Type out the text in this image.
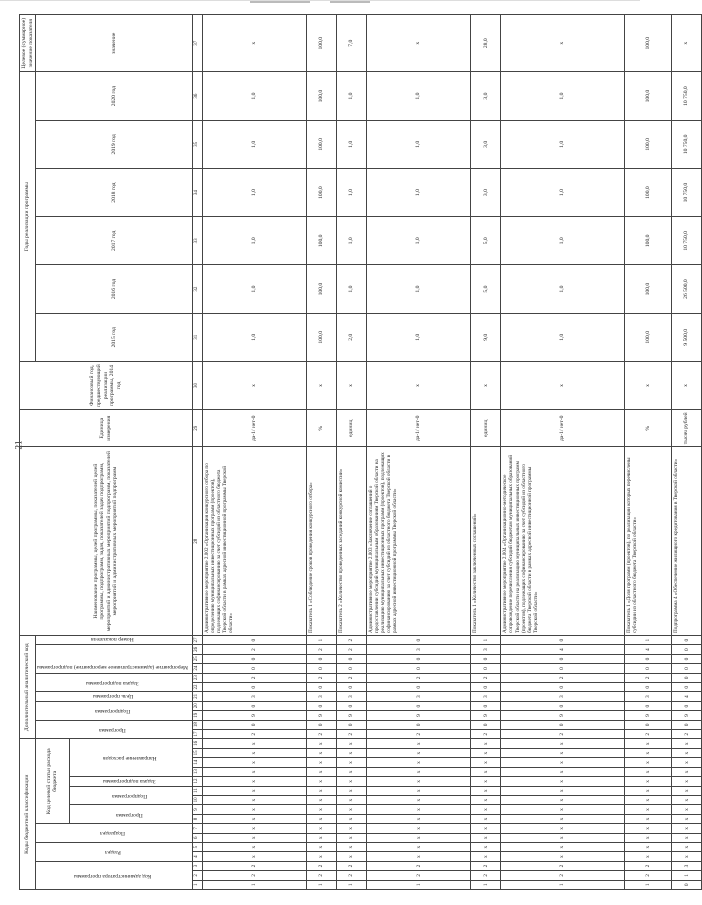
21
Коды бюджетной классификации																Дополнительный аналитический код											Наименование программы, целей программы, показателей целей программы, подпрограмм, задач, показателей задач подпрограмм, мероприятий и административных мероприятий подпрограмм, показателей мероприятий и административных мероприятий подпрограмм	Единица измерения	Финансовый год, предшествующий реализации программы, 2014 год	Годы реализации программы						Целевое (суммарное) значение показателя
Код администратора программы			Раздел		Подраздел		Код целевой статьи расхода бюджета									Программа		Подпрограмма		Цель программы	Задача подпрограммы		Мероприятие (административное мероприятие) подпрограммы			Номер показателя				2015 год	2016 год	2017 год	2018 год	2019 год	2020 год	значение
							Программа		Подпрограмма		Задача подпрограммы	Направление расходов																								
1	2	3	4	5	6	7	8	9	10	11	12	13	14	15	16	17	18	19	20	21	22	23	24	25	26	27	28	29	30	31	32	33	34	35	36	37
1	2	2	x	x	x	x	x	x	x	x	x	x	x	x	x	2	0	9	0	3	0	2	0	0	2	0	Административное мероприятие 2.002 «Организация конкурсного отбора по определению муниципальных инвестиционных программ (проектов), подлежащих софинансированию за счет субсидий из областного бюджета Тверской области в рамках адресной инвестиционной программы Тверской области»	да-1/ нет-0	x	1,0	1,0	1,0	1,0	1,0	1,0	x
1	2	2	x	x	x	x	x	x	x	x	x	x	x	x	x	2	0	9	0	3	0	2	0	0	2	1	Показатель 1 «Соблюдение сроков проведения конкурсного отбора»	%	x	100,0	100,0	100,0	100,0	100,0	100,0	100,0
1	2	2	x	x	x	x	x	x	x	x	x	x	x	x	x	2	0	9	0	3	0	2	0	0	2	2	Показатель 2 «Количество проведенных заседаний конкурсной комиссии»	единиц	x	2,0	1,0	1,0	1,0	1,0	1,0	7,0
1	2	2	x	x	x	x	x	x	x	x	x	x	x	x	x	2	0	9	0	3	0	2	0	0	3	0	Административное мероприятие 2.003 «Заключение соглашений о предоставлении субсидий муниципальным образованиям Тверской области на реализацию муниципальных инвестиционных программ (проектов), подлежащих софинансированию за счет субсидий из областного бюджета Тверской области в рамках адресной инвестиционной программы Тверской области»	да-1/ нет-0	x	1,0	1,0	1,0	1,0	1,0	1,0	x
1	2	2	x	x	x	x	x	x	x	x	x	x	x	x	x	2	0	9	0	3	0	2	0	0	3	1	Показатель 1 «Количество заключенных соглашений»	единиц	x	9,0	5,0	5,0	3,0	3,0	3,0	28,0
1	2	2	x	x	x	x	x	x	x	x	x	x	x	x	x	2	0	9	0	3	0	2	0	0	4	0	Административное мероприятие 2.004 «Организационно-методическое сопровождение перечисления субсидий бюджетам муниципальных образований Тверской области на реализацию муниципальных инвестиционных программ (проектов), подлежащих софинансированию за счет субсидий из областного бюджета Тверской области в рамках адресной инвестиционной программы Тверской области»	да-1/ нет-0	x	1,0	1,0	1,0	1,0	1,0	1,0	x
1	2	2	x	x	x	x	x	x	x	x	x	x	x	x	x	2	0	9	0	3	0	2	0	0	4	1	Показатель 1 «Доля программ (проектов), по реализации которых перечислены субсидии из областного бюджета Тверской области»	%	x	100,0	100,0	100,0	100,0	100,0	100,0	100,0
0	1	3	x	x	x	x	x	x	x	x	x	x	x	x	x	2	0	9	0	4	0	0	0	0	0	0	Подпрограмма 4 «Обеспечение жилищного кредитования в Тверской области»	тысяч рублей	x	9 500,0	26 500,0	10 750,0	10 750,0	10 750,0	10 750,0	x
